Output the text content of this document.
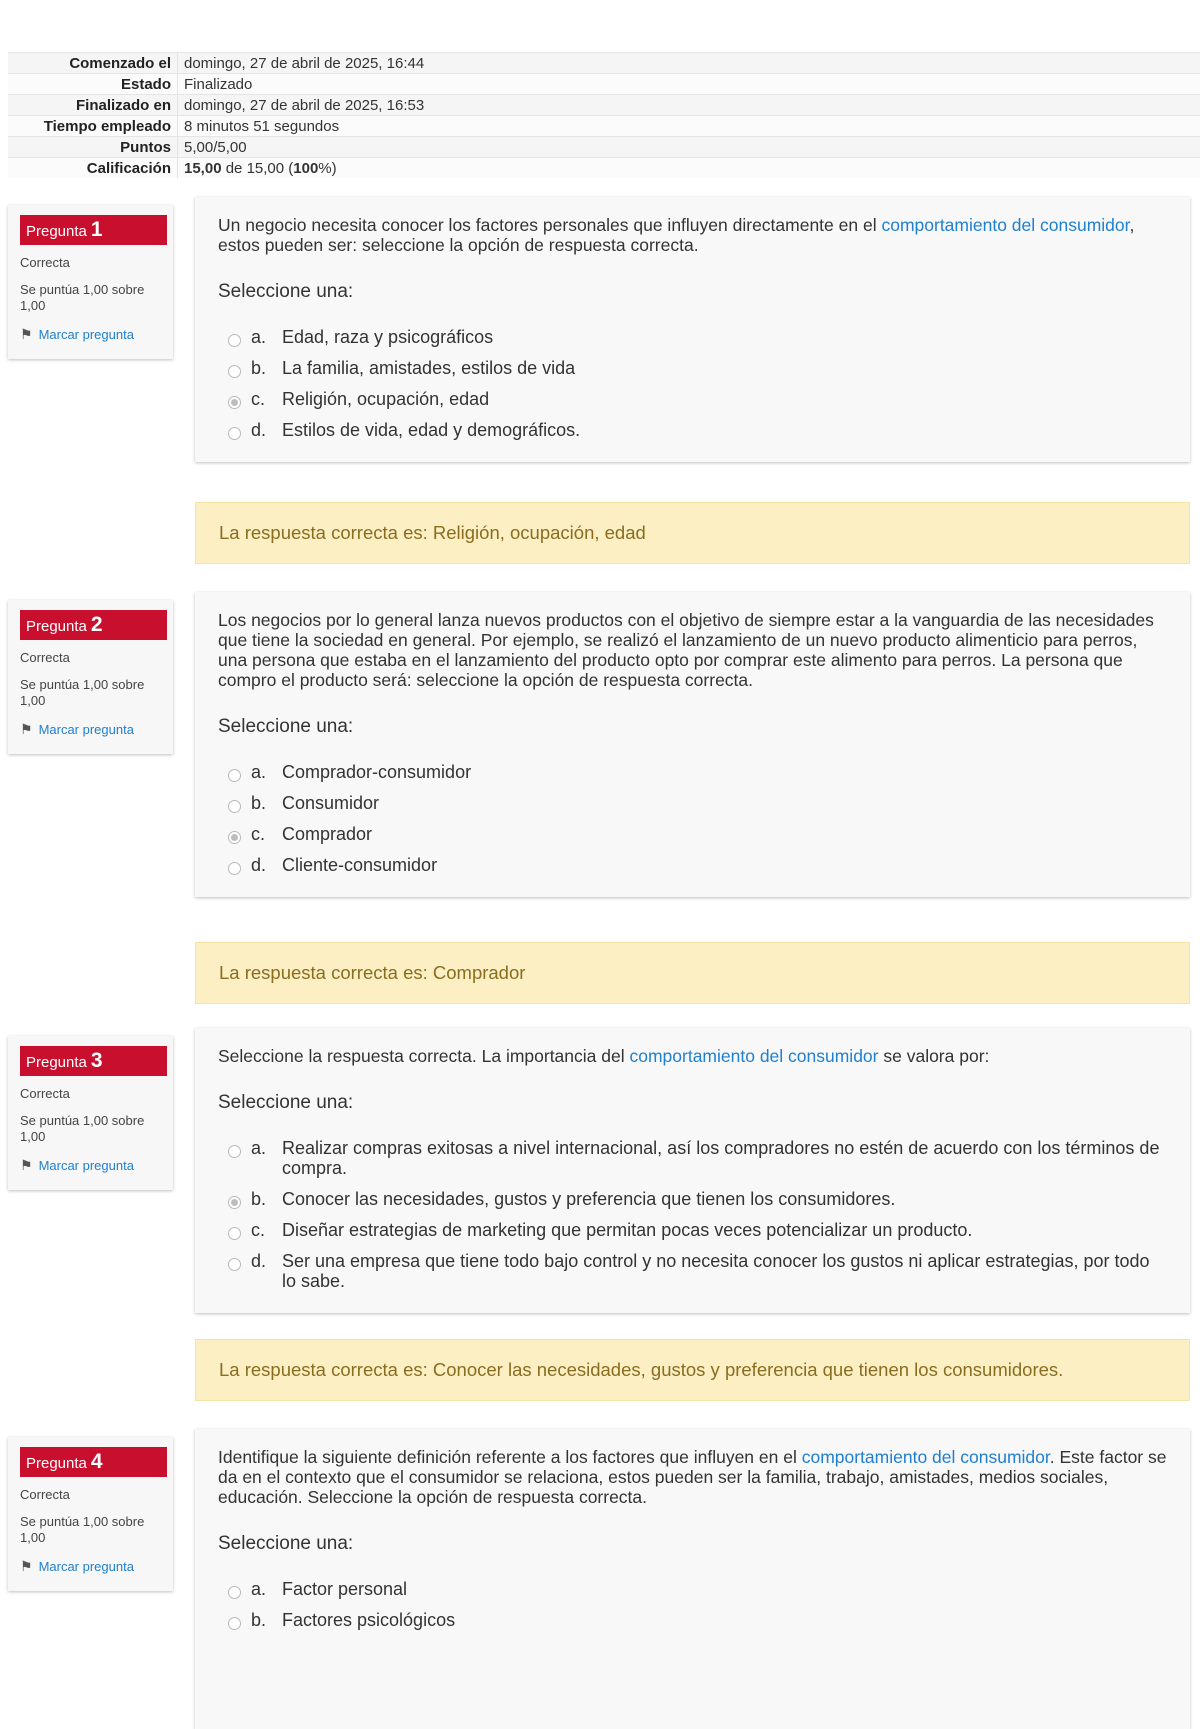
Comenzado el	domingo, 27 de abril de 2025, 16:44
Estado	Finalizado
Finalizado en	domingo, 27 de abril de 2025, 16:53
Tiempo empleado	8 minutos 51 segundos
Puntos	5,00/5,00
Calificación	15,00 de 15,00 (100%)
Pregunta 1
Correcta
Se puntúa 1,00 sobre 1,00
⚑ Marcar pregunta
Un negocio necesita conocer los factores personales que influyen directamente en el comportamiento del consumidor, estos pueden ser: seleccione la opción de respuesta correcta.
Seleccione una:
a. Edad, raza y psicográficos
b. La familia, amistades, estilos de vida
c. Religión, ocupación, edad
d. Estilos de vida, edad y demográficos.
La respuesta correcta es: Religión, ocupación, edad
Pregunta 2
Correcta
Se puntúa 1,00 sobre 1,00
⚑ Marcar pregunta
Los negocios por lo general lanza nuevos productos con el objetivo de siempre estar a la vanguardia de las necesidades que tiene la sociedad en general. Por ejemplo, se realizó el lanzamiento de un nuevo producto alimenticio para perros, una persona que estaba en el lanzamiento del producto opto por comprar este alimento para perros. La persona que compro el producto será: seleccione la opción de respuesta correcta.
Seleccione una:
a. Comprador-consumidor
b. Consumidor
c. Comprador
d. Cliente-consumidor
La respuesta correcta es: Comprador
Pregunta 3
Correcta
Se puntúa 1,00 sobre 1,00
⚑ Marcar pregunta
Seleccione la respuesta correcta. La importancia del comportamiento del consumidor se valora por:
Seleccione una:
a. Realizar compras exitosas a nivel internacional, así los compradores no estén de acuerdo con los términos de compra.
b. Conocer las necesidades, gustos y preferencia que tienen los consumidores.
c. Diseñar estrategias de marketing que permitan pocas veces potencializar un producto.
d. Ser una empresa que tiene todo bajo control y no necesita conocer los gustos ni aplicar estrategias, por todo lo sabe.
La respuesta correcta es: Conocer las necesidades, gustos y preferencia que tienen los consumidores.
Pregunta 4
Correcta
Se puntúa 1,00 sobre 1,00
⚑ Marcar pregunta
Identifique la siguiente definición referente a los factores que influyen en el comportamiento del consumidor. Este factor se da en el contexto que el consumidor se relaciona, estos pueden ser la familia, trabajo, amistades, medios sociales, educación. Seleccione la opción de respuesta correcta.
Seleccione una:
a. Factor personal
b. Factores psicológicos
